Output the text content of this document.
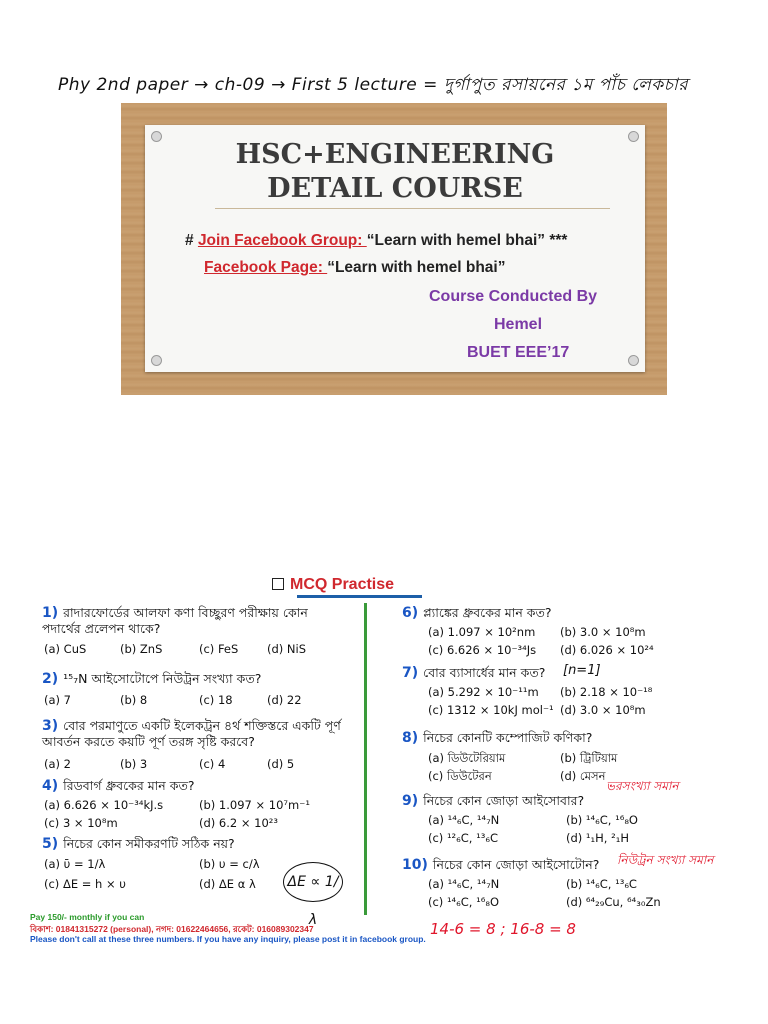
Phy 2nd paper → ch-09 → First 5 lecture = দুর্গাপুত রসায়নের ১ম পাঁচ লেকচার
HSC+ENGINEERING
DETAIL COURSE
# Join Facebook Group: “Learn with hemel bhai” ***
Facebook Page: “Learn with hemel bhai”
Course Conducted By
Hemel
BUET EEE’17
MCQ Practise
1) রাদারফোর্ডের আলফা কণা বিচ্ছুরণ পরীক্ষায় কোন পদার্থের প্রলেপন থাকে?
(a) CuS	(b) ZnS	(c) FeS (d) NiS
2) ¹⁵₇N আইসোটোপে নিউট্রন সংখ্যা কত?
(a) 7	(b) 8	(c) 18	(d) 22
3) বোর পরমাণুতে একটি ইলেকট্রন ৪র্থ শক্তিস্তরে একটি পূর্ণ আবর্তন করতে কয়টি পূর্ণ তরঙ্গ সৃষ্টি করবে?
(a) 2	(b) 3	(c) 4	(d) 5
4) রিডবার্গ ধ্রুবকের মান কত?
(a) 6.626 × 10⁻³⁴kJ.s	(b) 1.097 × 10⁷m⁻¹
(c) 3 × 10⁸m	(d) 6.2 × 10²³
5) নিচের কোন সমীকরণটি সঠিক নয়?
(a) ῡ = 1/λ	(b) υ = c/λ
(c) ΔE = h × υ	(d) ΔE α λ	ΔE ∝ 1/λ
6) প্ল্যাঙ্কের ধ্রুবকের মান কত?
(a) 1.097 × 10²nm (b) 3.0 × 10⁸m
(c) 6.626 × 10⁻³⁴Js (d) 6.026 × 10²⁴
7) বোর ব্যাসার্ধের মান কত?	[n=1]
(a) 5.292 × 10⁻¹¹m (b) 2.18 × 10⁻¹⁸
(c) 1312 × 10kJ mol⁻¹ (d) 3.0 × 10⁸m
8) নিচের কোনটি কম্পোজিট কণিকা?
(a) ডিউটেরিয়াম	(b) ট্রিটিয়াম
(c) ডিউটেরন	(d) মেসন
ভরসংখ্যা সমান
9) নিচের কোন জোড়া আইসোবার?
(a) ¹⁴₆C, ¹⁴₇N	(b) ¹⁴₆C, ¹⁶₈O
(c) ¹²₆C, ¹³₆C	(d) ¹₁H, ²₁H
নিউট্রন সংখ্যা সমান
10) নিচের কোন জোড়া আইসোটোন?
(a) ¹⁴₆C, ¹⁴₇N	(b) ¹⁴₆C, ¹³₆C
(c) ¹⁴₆C, ¹⁶₈O	(d) ⁶⁴₂₉Cu, ⁶⁴₃₀Zn
14-6 = 8 ; 16-8 = 8
Pay 150/- monthly if you can
বিকাশ: 01841315272 (personal), নগদ: 01622464656, রকেট: 016089302347
Please don't call at these three numbers. If you have any inquiry, please post it in facebook group.
